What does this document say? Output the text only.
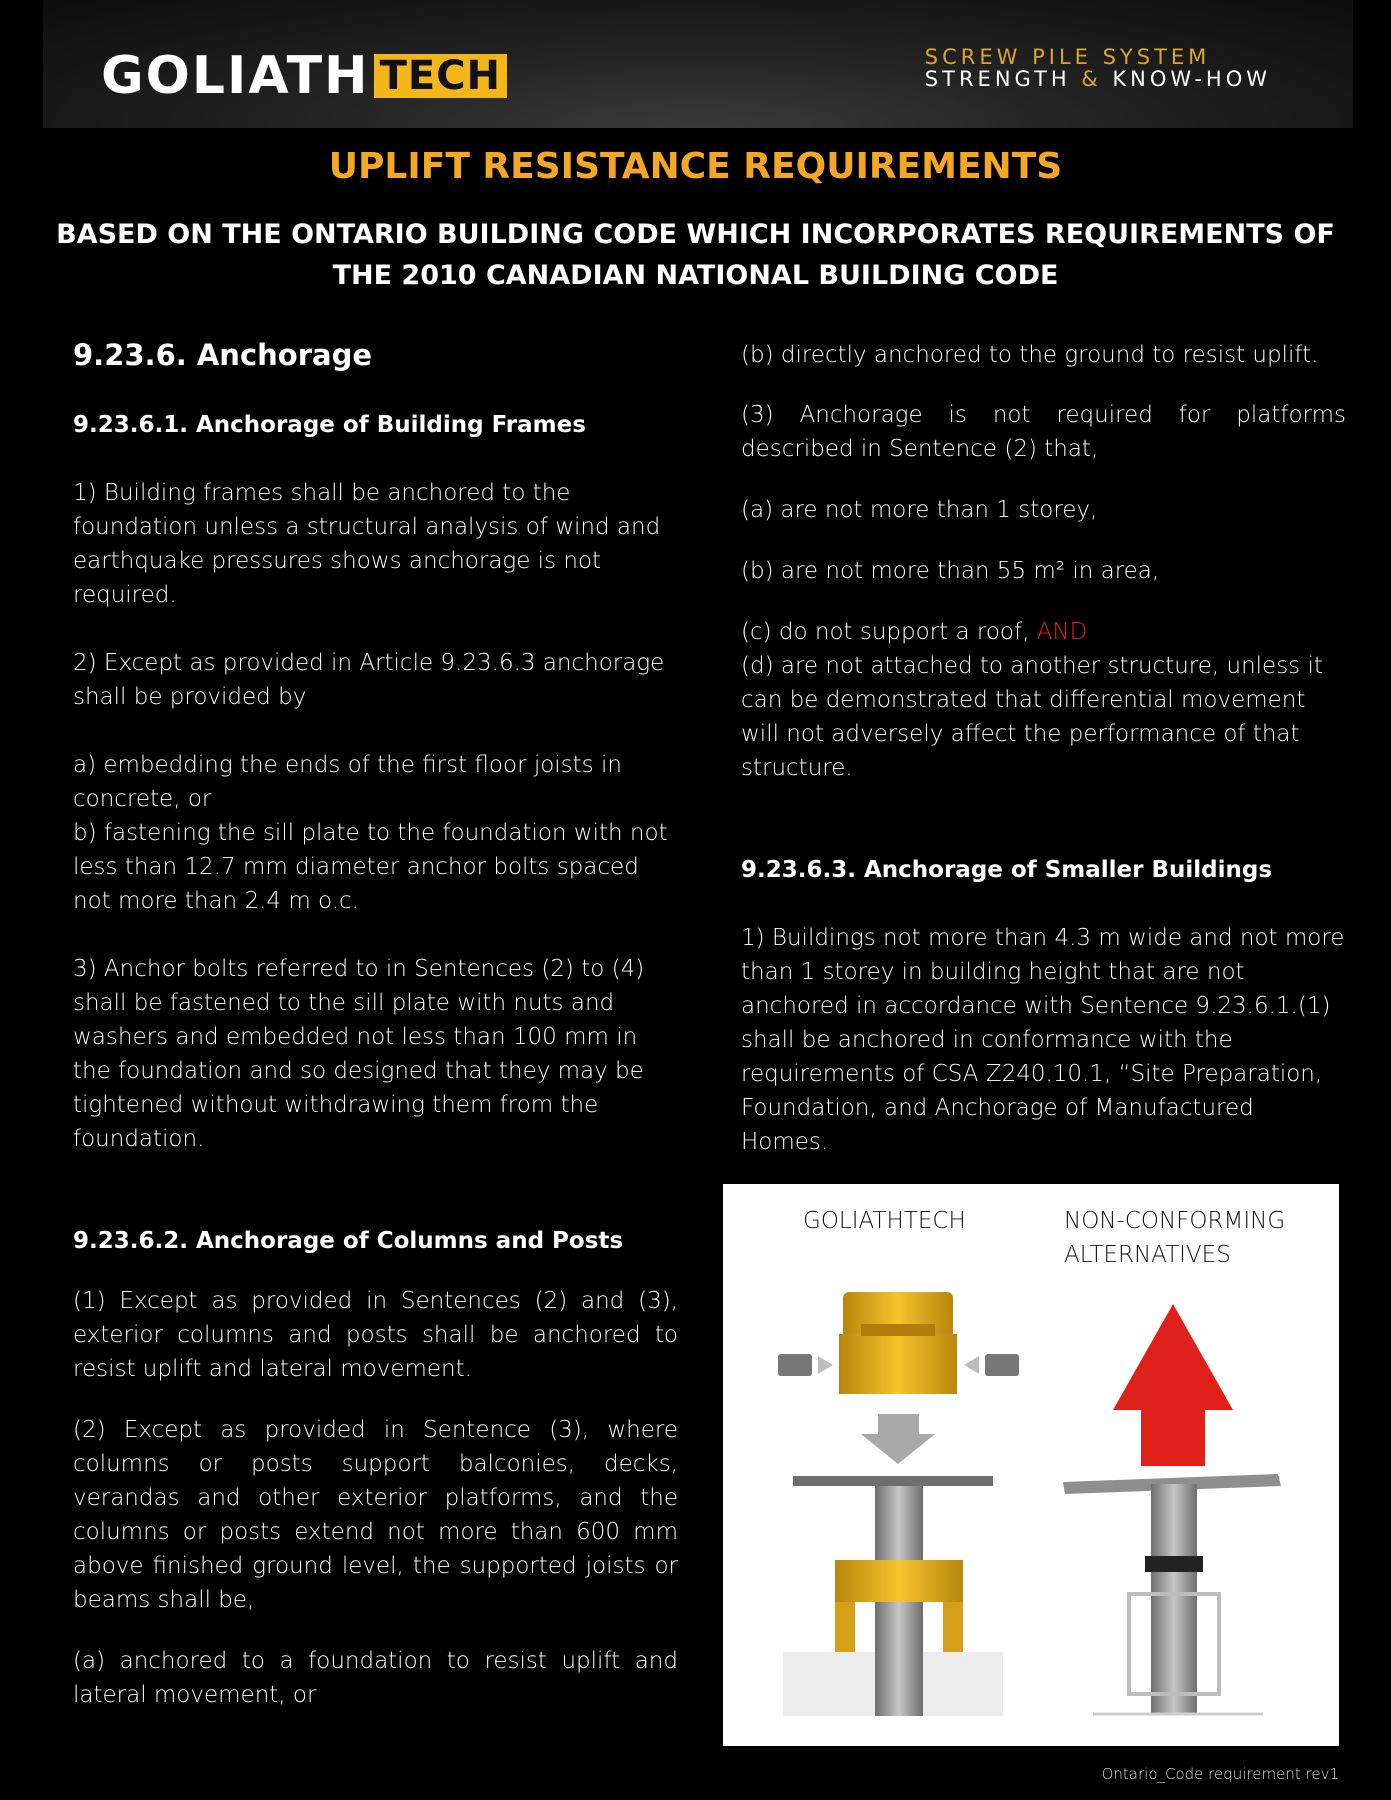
GOLIATH TECH	SCREW PILE SYSTEM
STRENGTH & KNOW-HOW
UPLIFT RESISTANCE REQUIREMENTS
BASED ON THE ONTARIO BUILDING CODE WHICH INCORPORATES REQUIREMENTS OF THE 2010 CANADIAN NATIONAL BUILDING CODE

9.23.6. Anchorage

9.23.6.1. Anchorage of Building Frames

1) Building frames shall be anchored to the foundation unless a structural analysis of wind and earthquake pressures shows anchorage is not required.

2) Except as provided in Article 9.23.6.3 anchorage shall be provided by

a) embedding the ends of the first floor joists in concrete, or

b) fastening the sill plate to the foundation with not less than 12.7 mm diameter anchor bolts spaced not more than 2.4 m o.c.

3) Anchor bolts referred to in Sentences (2) to (4) shall be fastened to the sill plate with nuts and washers and embedded not less than 100 mm in the foundation and so designed that they may be tightened without withdrawing them from the foundation.

9.23.6.2. Anchorage of Columns and Posts

(1) Except as provided in Sentences (2) and (3), exterior columns and posts shall be anchored to resist uplift and lateral movement.

(2) Except as provided in Sentence (3), where columns or posts support balconies, decks, verandas and other exterior platforms, and the columns or posts extend not more than 600 mm above finished ground level, the supported joists or beams shall be,

(a) anchored to a foundation to resist uplift and lateral movement, or

(b) directly anchored to the ground to resist uplift.

(3) Anchorage is not required for platforms described in Sentence (2) that,

(a) are not more than 1 storey,

(b) are not more than 55 m² in area,

(c) do not support a roof, AND

(d) are not attached to another structure, unless it can be demonstrated that differential movement will not adversely affect the performance of that structure.

9.23.6.3. Anchorage of Smaller Buildings

1) Buildings not more than 4.3 m wide and not more than 1 storey in building height that are not anchored in accordance with Sentence 9.23.6.1.(1) shall be anchored in conformance with the requirements of CSA Z240.10.1, “Site Preparation, Foundation, and Anchorage of Manufactured Homes.

GOLIATHTECH	NON-CONFORMING
ALTERNATIVES
Ontario_Code requirement rev1
